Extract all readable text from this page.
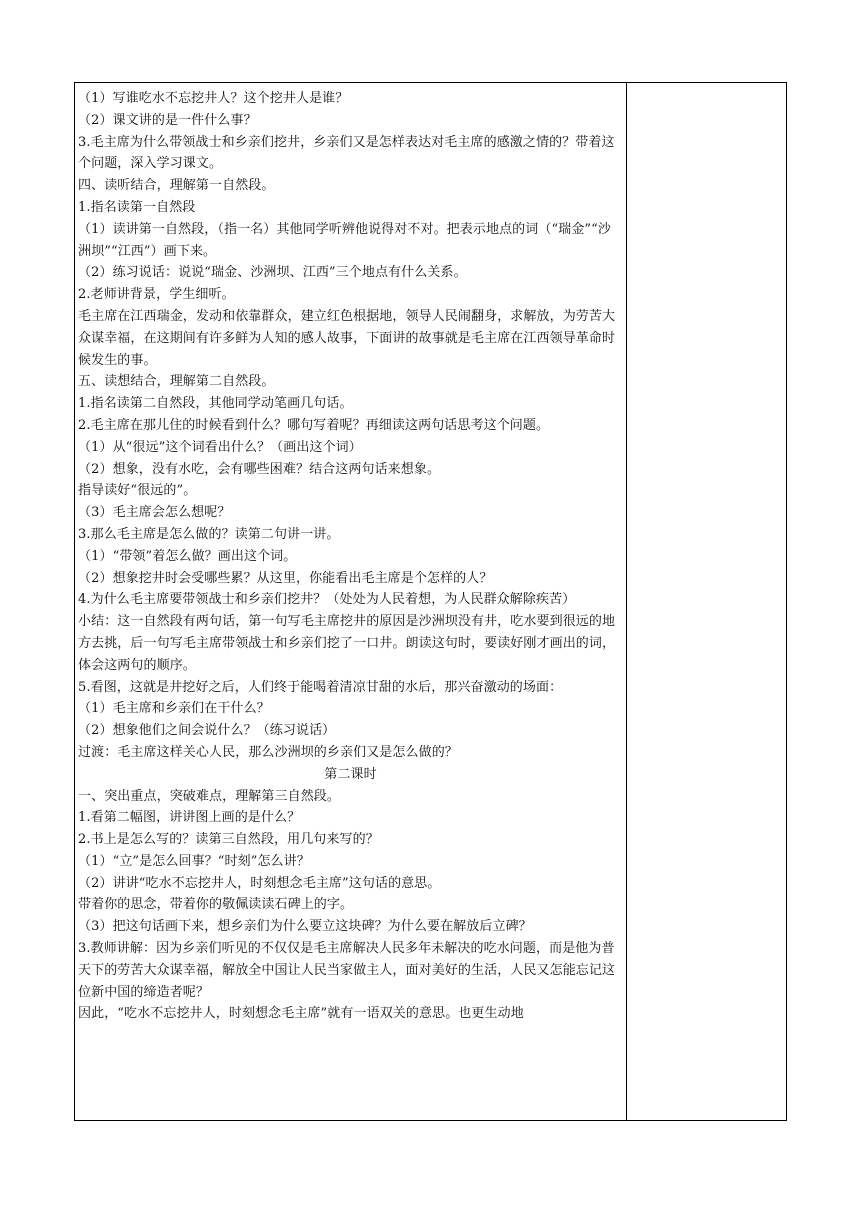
（1）写谁吃水不忘挖井人？这个挖井人是谁？
（2）课文讲的是一件什么事？
3.毛主席为什么带领战士和乡亲们挖井，乡亲们又是怎样表达对毛主席的感激之情的？带着这个问题，深入学习课文。
四、读听结合，理解第一自然段。
1.指名读第一自然段
（1）读讲第一自然段，（指一名）其他同学听辨他说得对不对。把表示地点的词（“瑞金”“沙洲坝”“江西”）画下来。
（2）练习说话：说说“瑞金、沙洲坝、江西”三个地点有什么关系。
2.老师讲背景，学生细听。
毛主席在江西瑞金，发动和依靠群众，建立红色根据地，领导人民闹翻身，求解放，为劳苦大众谋幸福，在这期间有许多鲜为人知的感人故事，下面讲的故事就是毛主席在江西领导革命时候发生的事。
五、读想结合，理解第二自然段。
1.指名读第二自然段，其他同学动笔画几句话。
2.毛主席在那儿住的时候看到什么？哪句写着呢？再细读这两句话思考这个问题。
（1）从“很远”这个词看出什么？（画出这个词）
（2）想象，没有水吃，会有哪些困难？结合这两句话来想象。
指导读好“很远的”。
（3）毛主席会怎么想呢？
3.那么毛主席是怎么做的？读第二句讲一讲。
（1）“带领”着怎么做？画出这个词。
（2）想象挖井时会受哪些累？从这里，你能看出毛主席是个怎样的人？
4.为什么毛主席要带领战士和乡亲们挖井？（处处为人民着想，为人民群众解除疾苦）
小结：这一自然段有两句话，第一句写毛主席挖井的原因是沙洲坝没有井，吃水要到很远的地方去挑，后一句写毛主席带领战士和乡亲们挖了一口井。朗读这句时，要读好刚才画出的词，体会这两句的顺序。
5.看图，这就是井挖好之后，人们终于能喝着清凉甘甜的水后，那兴奋激动的场面：
（1）毛主席和乡亲们在干什么？
（2）想象他们之间会说什么？（练习说话）
过渡：毛主席这样关心人民，那么沙洲坝的乡亲们又是怎么做的？
第二课时
一、突出重点，突破难点，理解第三自然段。
1.看第二幅图，讲讲图上画的是什么？
2.书上是怎么写的？读第三自然段，用几句来写的？
（1）“立”是怎么回事？“时刻”怎么讲？
（2）讲讲“吃水不忘挖井人，时刻想念毛主席”这句话的意思。
带着你的思念，带着你的敬佩读读石碑上的字。
（3）把这句话画下来，想乡亲们为什么要立这块碑？为什么要在解放后立碑？
3.教师讲解：因为乡亲们听见的不仅仅是毛主席解决人民多年未解决的吃水问题，而是他为普天下的劳苦大众谋幸福，解放全中国让人民当家做主人，面对美好的生活，人民又怎能忘记这位新中国的缔造者呢？
因此，“吃水不忘挖井人，时刻想念毛主席”就有一语双关的意思。也更生动地
